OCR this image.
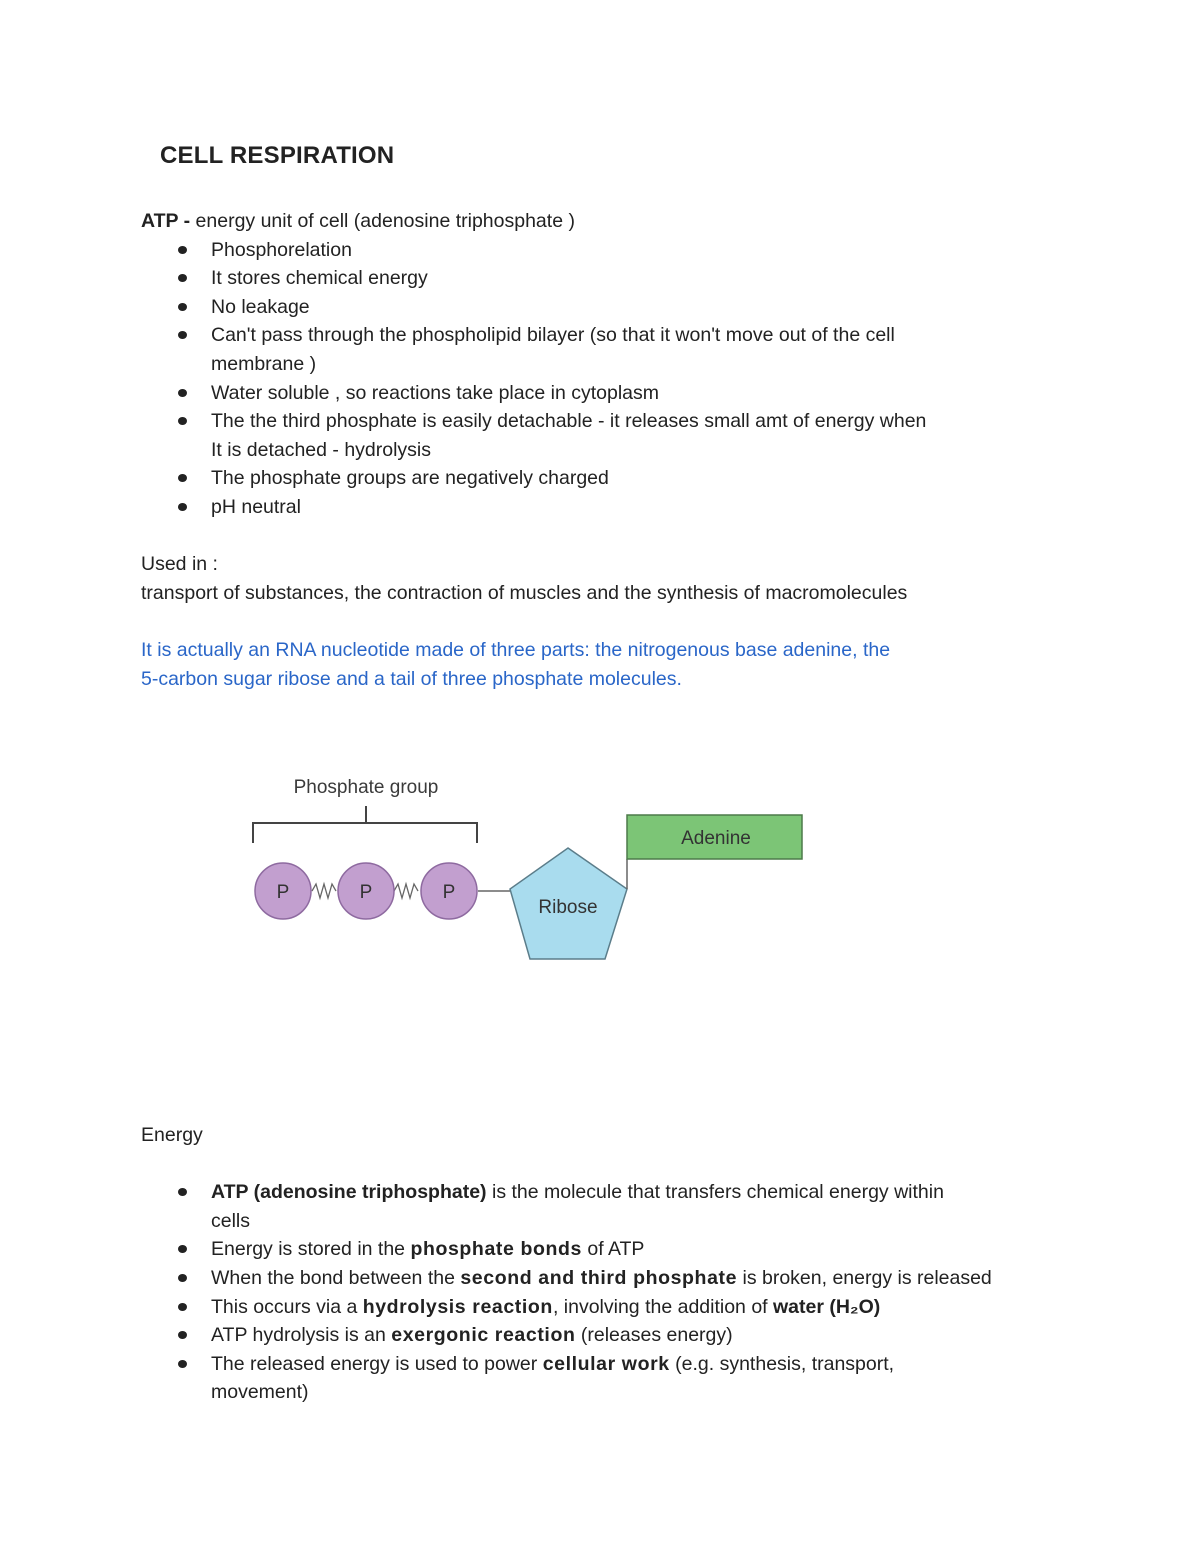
CELL RESPIRATION
ATP - energy unit of cell (adenosine triphosphate )
Phosphorelation
It stores chemical energy
No leakage
Can't pass through the phospholipid bilayer (so that it won't move out of the cell
membrane )
Water soluble , so reactions take place in cytoplasm
The the third phosphate is easily detachable - it releases small amt of energy when
It is detached - hydrolysis
The phosphate groups are negatively charged
pH neutral
Used in :
transport of substances, the contraction of muscles and the synthesis of macromolecules
It is actually an RNA nucleotide made of three parts: the nitrogenous base adenine, the
5-carbon sugar ribose and a tail of three phosphate molecules.
Phosphate group
P	P	P
Ribose
Adenine
Energy
ATP (adenosine triphosphate) is the molecule that transfers chemical energy within
cells
Energy is stored in the phosphate bonds of ATP
When the bond between the second and third phosphate is broken, energy is released
This occurs via a hydrolysis reaction, involving the addition of water (H₂O)
ATP hydrolysis is an exergonic reaction (releases energy)
The released energy is used to power cellular work (e.g. synthesis, transport,
movement)
